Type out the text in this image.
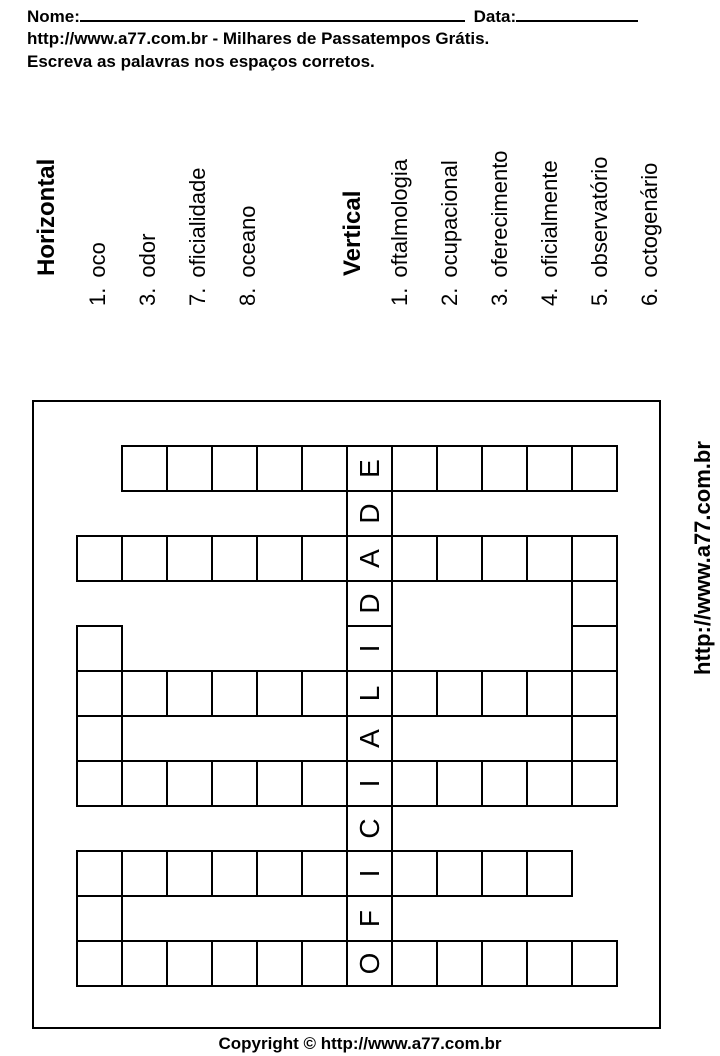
Nome:	Data:
http://www.a77.com.br - Milhares de Passatempos Grátis.
Escreva as palavras nos espaços corretos.
Horizontal
1.oco
3.odor
7.oficialidade
8.oceano	Vertical
1.oftalmologia
2.ocupacional
3.oferecimento
4.oficialmente
5.observatório
6.octogenário
E
D
A
D
I
L
A
I
C
I
F
O
http://www.a77.com.br
Copyright © http://www.a77.com.br
